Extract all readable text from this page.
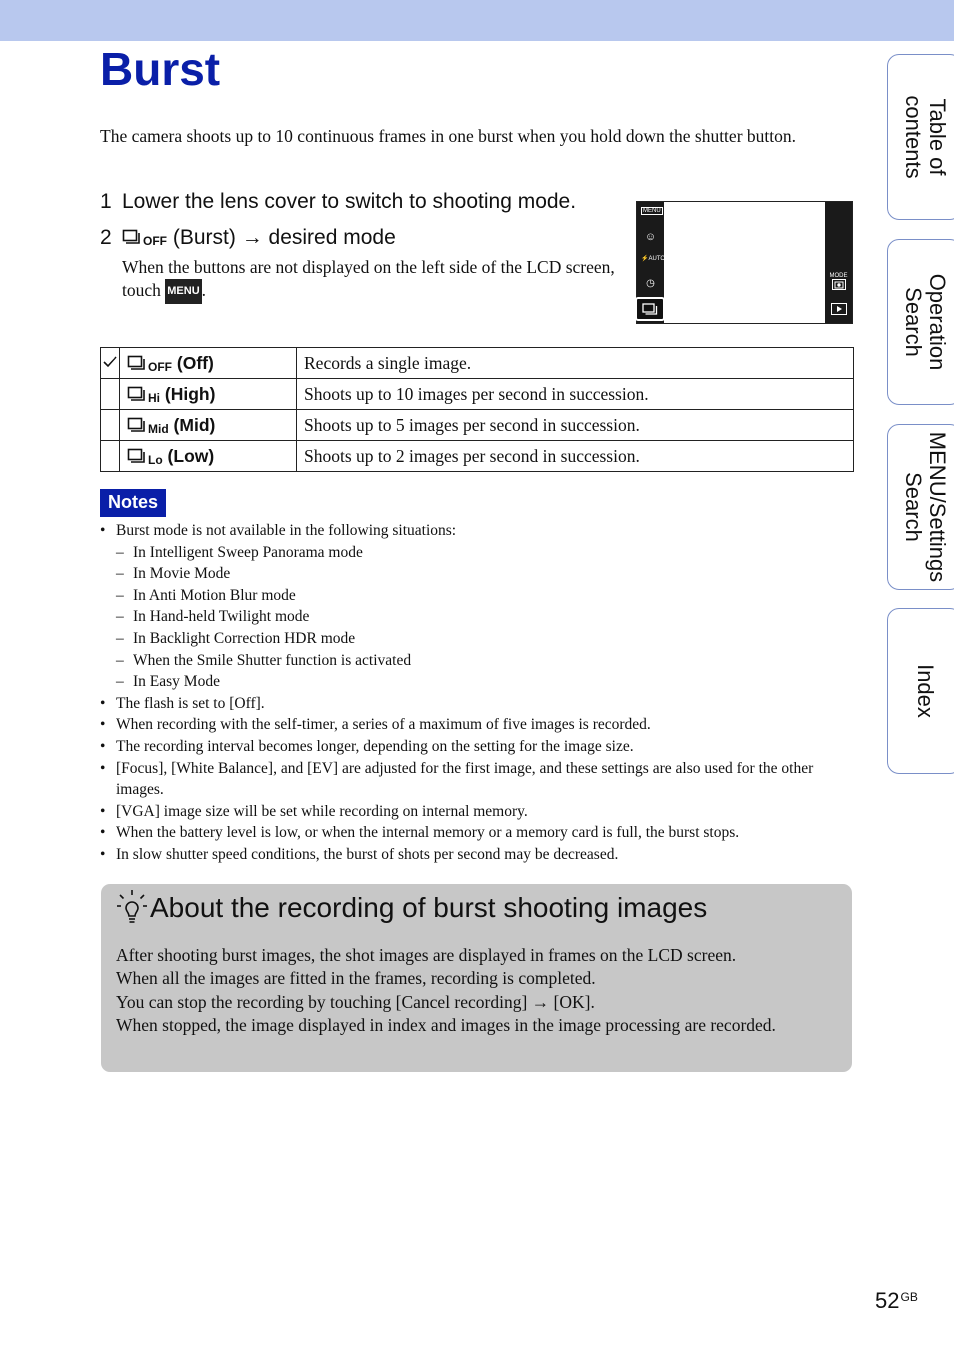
Burst

The camera shoots up to 10 continuous frames in one burst when you hold down the shutter button.

1 Lower the lens cover to switch to shooting mode.
2	OFF (Burst) → desired mode
When the buttons are not displayed on the left side of the LCD screen, touch MENU .
MENU
☺
⚡AUTO
◷
MODE

OFF (Off)	Records a single image.

	Hi (High)	Shoots up to 10 images per second in succession.

	Mid (Mid)	Shoots up to 5 images per second in succession.

	Lo (Low)	Shoots up to 2 images per second in succession.
Notes
• Burst mode is not available in the following situations:
– In Intelligent Sweep Panorama mode
– In Movie Mode
– In Anti Motion Blur mode
– In Hand-held Twilight mode
– In Backlight Correction HDR mode
– When the Smile Shutter function is activated
– In Easy Mode
• The flash is set to [Off].
• When recording with the self-timer, a series of a maximum of five images is recorded.
• The recording interval becomes longer, depending on the setting for the image size.
• [Focus], [White Balance], and [EV] are adjusted for the first image, and these settings are also used for the other images.
• [VGA] image size will be set while recording on internal memory.
• When the battery level is low, or when the internal memory or a memory card is full, the burst stops.
• In slow shutter speed conditions, the burst of shots per second may be decreased.
About the recording of burst shooting images
After shooting burst images, the shot images are displayed in frames on the LCD screen.
When all the images are fitted in the frames, recording is completed.
You can stop the recording by touching [Cancel recording] → [OK].
When stopped, the image displayed in index and images in the image processing are recorded.
Table of
contents
Operation
Search
MENU/Settings
Search
Index
$52^{GB}$
